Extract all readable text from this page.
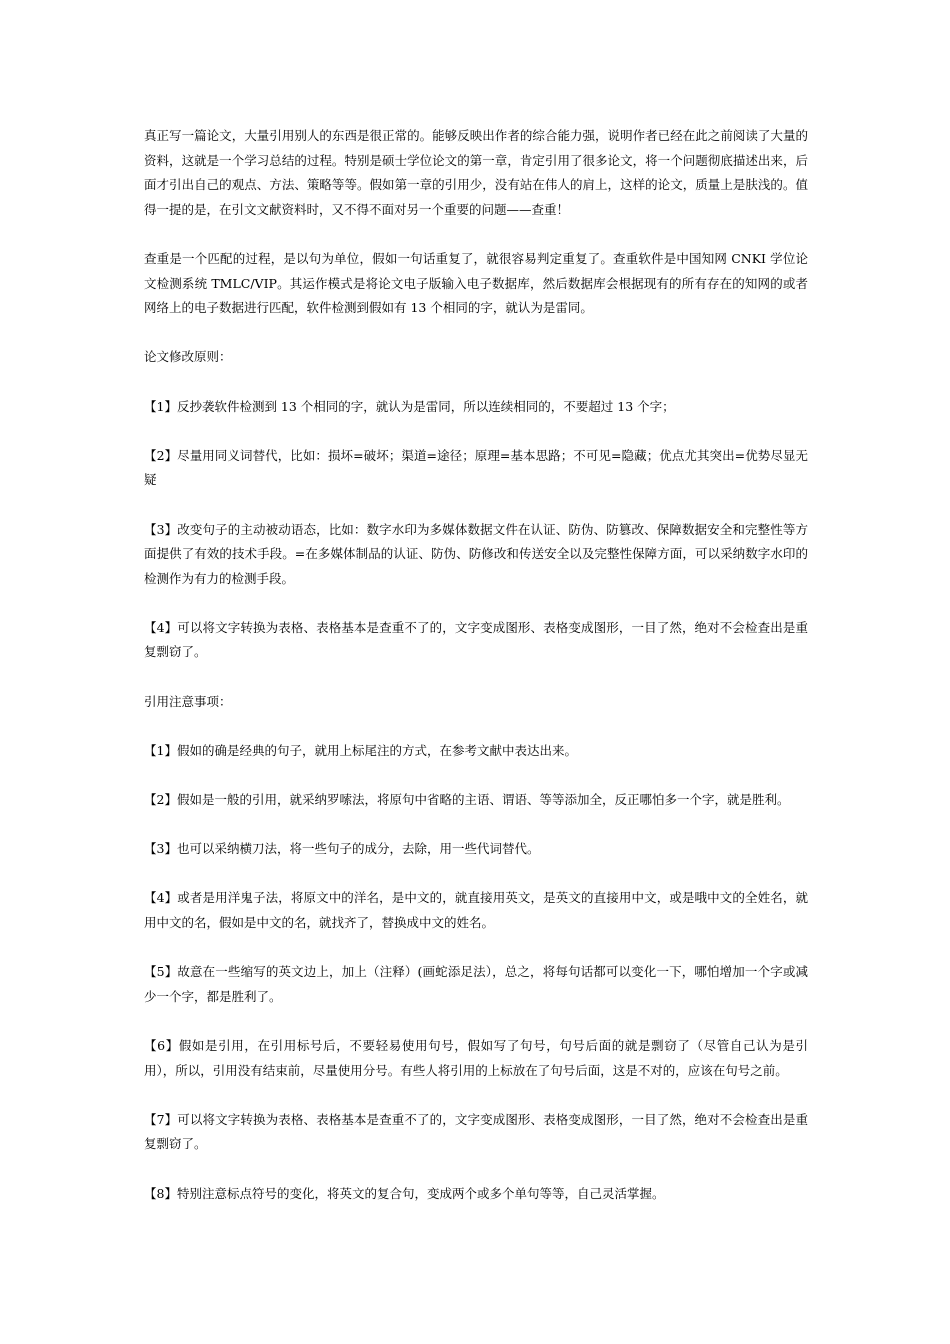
真正写一篇论文，大量引用别人的东西是很正常的。能够反映出作者的综合能力强，说明作者已经在此之前阅读了大量的资料，这就是一个学习总结的过程。特别是硕士学位论文的第一章，肯定引用了很多论文，将一个问题彻底描述出来，后面才引出自己的观点、方法、策略等等。假如第一章的引用少，没有站在伟人的肩上，这样的论文，质量上是肤浅的。值得一提的是，在引文文献资料时，又不得不面对另一个重要的问题——查重！

查重是一个匹配的过程，是以句为单位，假如一句话重复了，就很容易判定重复了。查重软件是中国知网 CNKI 学位论文检测系统 TMLC/VIP。其运作模式是将论文电子版输入电子数据库，然后数据库会根据现有的所有存在的知网的或者网络上的电子数据进行匹配，软件检测到假如有 13 个相同的字，就认为是雷同。

论文修改原则：

【1】反抄袭软件检测到 13 个相同的字，就认为是雷同，所以连续相同的，不要超过 13 个字；

【2】尽量用同义词替代，比如：损坏=破坏；渠道=途径；原理=基本思路；不可见=隐藏；优点尤其突出=优势尽显无疑

【3】改变句子的主动被动语态，比如：数字水印为多媒体数据文件在认证、防伪、防篡改、保障数据安全和完整性等方面提供了有效的技术手段。=在多媒体制品的认证、防伪、防修改和传送安全以及完整性保障方面，可以采纳数字水印的检测作为有力的检测手段。

【4】可以将文字转换为表格、表格基本是查重不了的，文字变成图形、表格变成图形，一目了然，绝对不会检查出是重复剽窃了。

引用注意事项：

【1】假如的确是经典的句子，就用上标尾注的方式，在参考文献中表达出来。

【2】假如是一般的引用，就采纳罗嗦法，将原句中省略的主语、谓语、等等添加全，反正哪怕多一个字，就是胜利。

【3】也可以采纳横刀法，将一些句子的成分，去除，用一些代词替代。

【4】或者是用洋鬼子法，将原文中的洋名，是中文的，就直接用英文，是英文的直接用中文，或是哦中文的全姓名，就用中文的名，假如是中文的名，就找齐了，替换成中文的姓名。

【5】故意在一些缩写的英文边上，加上（注释）(画蛇添足法），总之，将每句话都可以变化一下，哪怕增加一个字或减少一个字，都是胜利了。

【6】假如是引用，在引用标号后，不要轻易使用句号，假如写了句号，句号后面的就是剽窃了（尽管自己认为是引用），所以，引用没有结束前，尽量使用分号。有些人将引用的上标放在了句号后面，这是不对的，应该在句号之前。

【7】可以将文字转换为表格、表格基本是查重不了的，文字变成图形、表格变成图形，一目了然，绝对不会检查出是重复剽窃了。

【8】特别注意标点符号的变化，将英文的复合句，变成两个或多个单句等等，自己灵活掌握。
